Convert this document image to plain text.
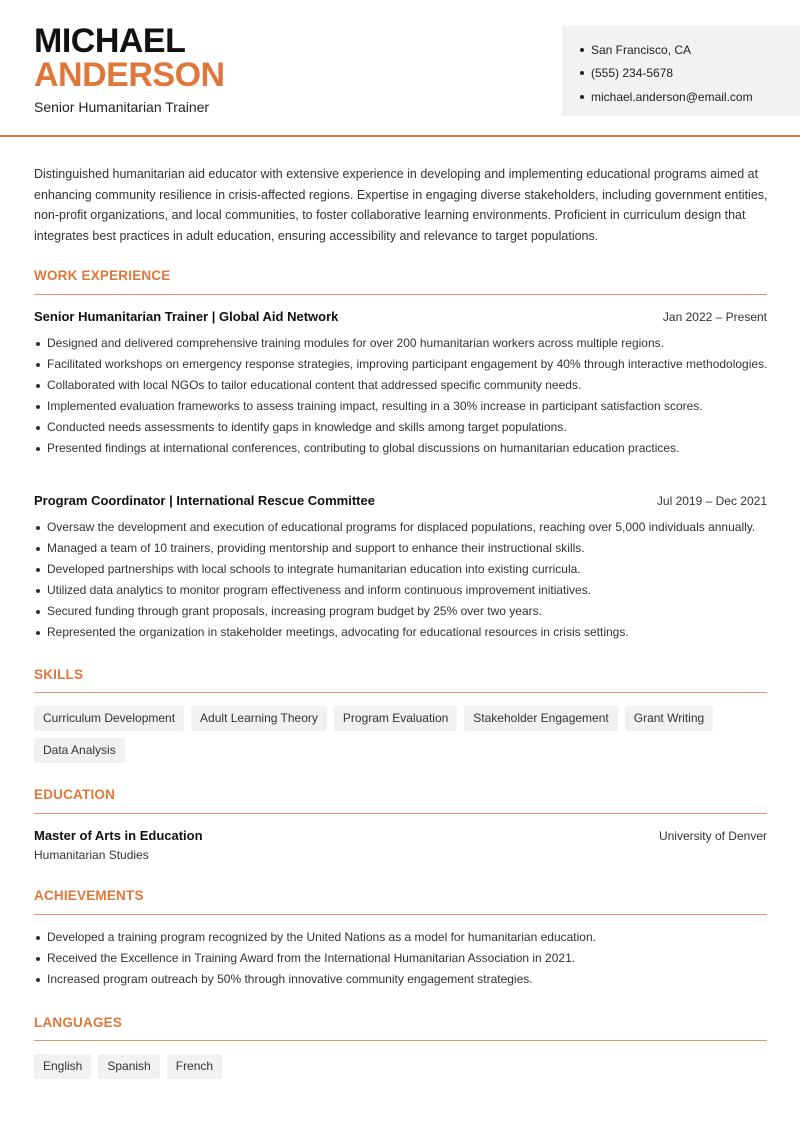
MICHAEL
ANDERSON
Senior Humanitarian Trainer
San Francisco, CA
(555) 234-5678
michael.anderson@email.com

Distinguished humanitarian aid educator with extensive experience in developing and implementing educational programs aimed at enhancing community resilience in crisis-affected regions. Expertise in engaging diverse stakeholders, including government entities, non-profit organizations, and local communities, to foster collaborative learning environments. Proficient in curriculum design that integrates best practices in adult education, ensuring accessibility and relevance to target populations.

WORK EXPERIENCE
Senior Humanitarian Trainer | Global Aid Network	Jan 2022 – Present
Designed and delivered comprehensive training modules for over 200 humanitarian workers across multiple regions.
Facilitated workshops on emergency response strategies, improving participant engagement by 40% through interactive methodologies.
Collaborated with local NGOs to tailor educational content that addressed specific community needs.
Implemented evaluation frameworks to assess training impact, resulting in a 30% increase in participant satisfaction scores.
Conducted needs assessments to identify gaps in knowledge and skills among target populations.
Presented findings at international conferences, contributing to global discussions on humanitarian education practices.
Program Coordinator | International Rescue Committee	Jul 2019 – Dec 2021
Oversaw the development and execution of educational programs for displaced populations, reaching over 5,000 individuals annually.
Managed a team of 10 trainers, providing mentorship and support to enhance their instructional skills.
Developed partnerships with local schools to integrate humanitarian education into existing curricula.
Utilized data analytics to monitor program effectiveness and inform continuous improvement initiatives.
Secured funding through grant proposals, increasing program budget by 25% over two years.
Represented the organization in stakeholder meetings, advocating for educational resources in crisis settings.
SKILLS
Curriculum Development	Adult Learning Theory	Program Evaluation	Stakeholder Engagement	Grant Writing
Data Analysis
EDUCATION
Master of Arts in Education	University of Denver
Humanitarian Studies
ACHIEVEMENTS
Developed a training program recognized by the United Nations as a model for humanitarian education.
Received the Excellence in Training Award from the International Humanitarian Association in 2021.
Increased program outreach by 50% through innovative community engagement strategies.
LANGUAGES
English	Spanish	French
